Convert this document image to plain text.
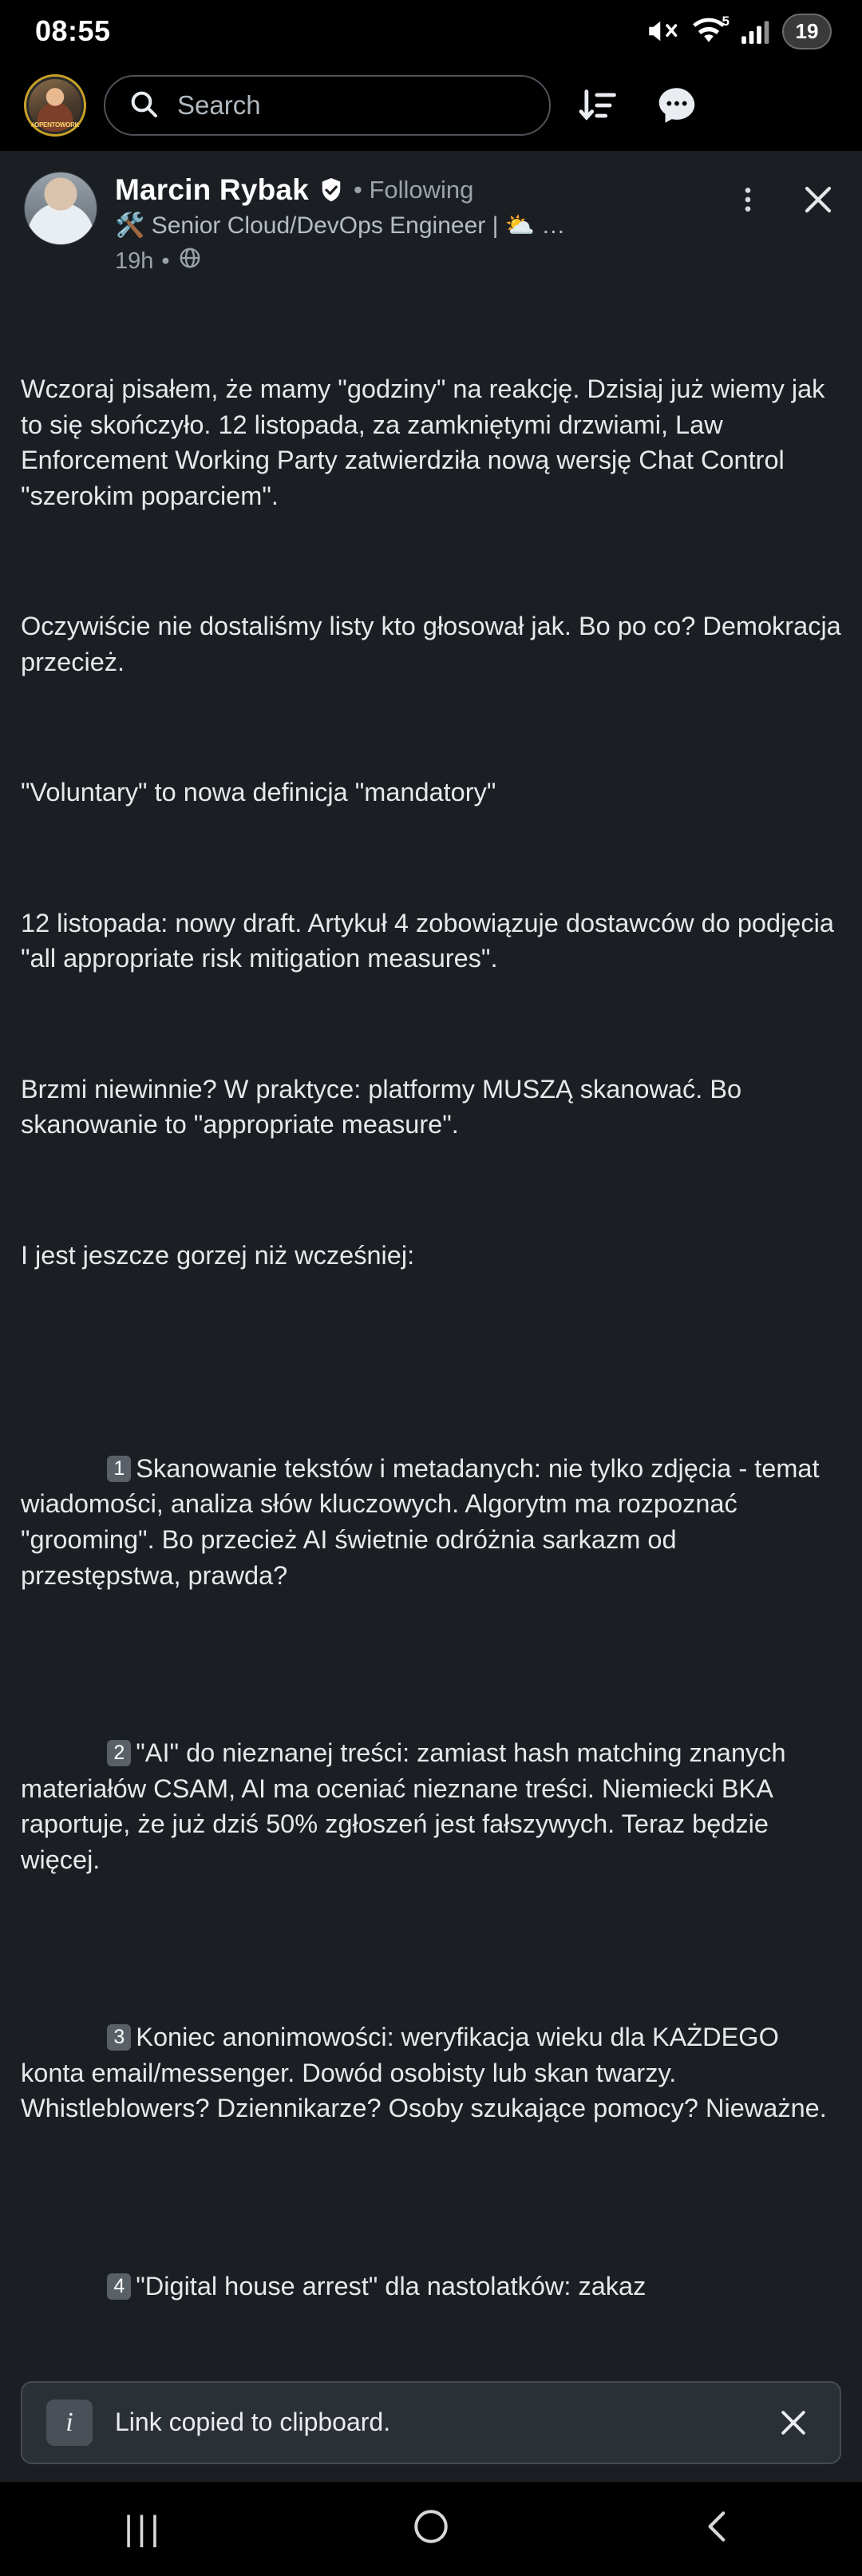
08:55	5	19
#OPENTOWORK
Search
Marcin Rybak • Following
🛠️ Senior Cloud/DevOps Engineer | ⛅ …
19h •

Wczoraj pisałem, że mamy "godziny" na reakcję. Dzisiaj już wiemy jak to się skończyło. 12 listopada, za zamkniętymi drzwiami, Law Enforcement Working Party zatwierdziła nową wersję Chat Control "szerokim poparciem".

Oczywiście nie dostaliśmy listy kto głosował jak. Bo po co? Demokracja przecież.

"Voluntary" to nowa definicja "mandatory"

12 listopada: nowy draft. Artykuł 4 zobowiązuje dostawców do podjęcia "all appropriate risk mitigation measures".

Brzmi niewinnie? W praktyce: platformy MUSZĄ skanować. Bo skanowanie to "appropriate measure".

I jest jeszcze gorzej niż wcześniej:

1 Skanowanie tekstów i metadanych: nie tylko zdjęcia - temat wiadomości, analiza słów kluczowych. Algorytm ma rozpoznać "grooming". Bo przecież AI świetnie odróżnia sarkazm od przestępstwa, prawda?

2 "AI" do nieznanej treści: zamiast hash matching znanych materiałów CSAM, AI ma oceniać nieznane treści. Niemiecki BKA raportuje, że już dziś 50% zgłoszeń jest fałszywych. Teraz będzie więcej.

3 Koniec anonimowości: weryfikacja wieku dla KAŻDEGO konta email/messenger. Dowód osobisty lub skan twarzy. Whistleblowers? Dziennikarze? Osoby szukające pomocy? Nieważne.

4 "Digital house arrest" dla nastolatków: zakaz

i	Link copied to clipboard.
|||
